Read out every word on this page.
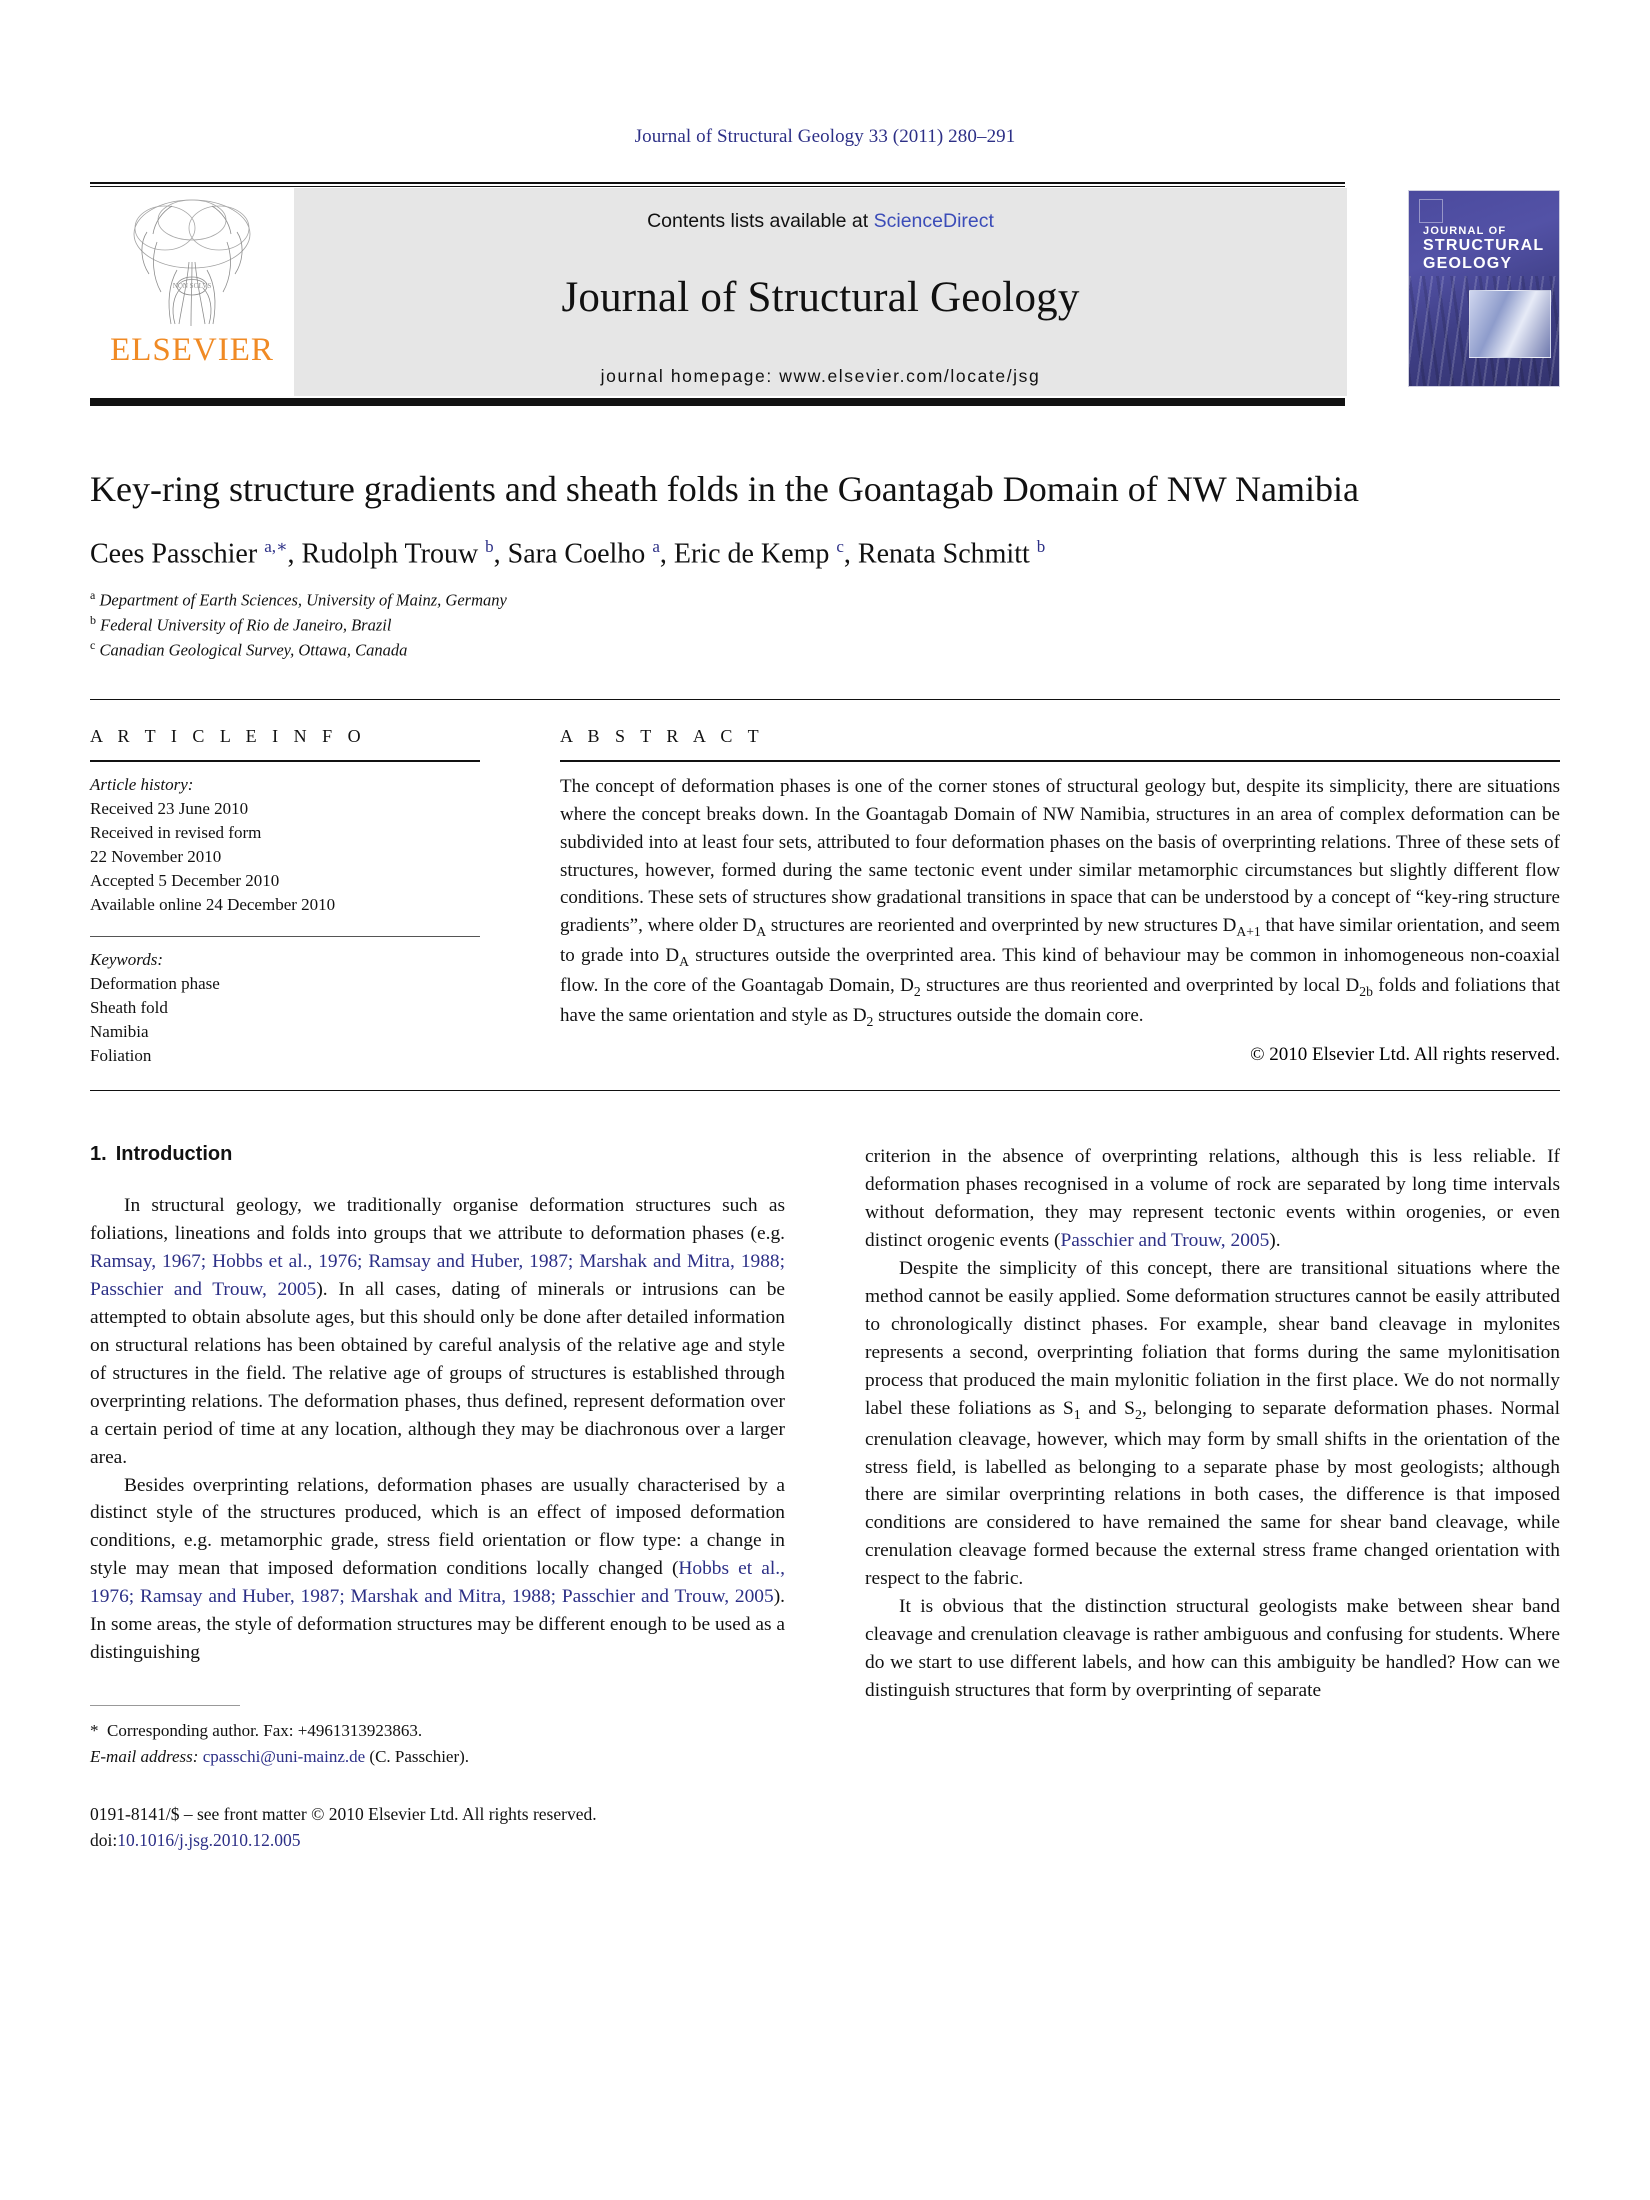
Journal of Structural Geology 33 (2011) 280–291
NON SOLVS
ELSEVIER
Contents lists available at ScienceDirect
Journal of Structural Geology
journal homepage: www.elsevier.com/locate/jsg
JOURNAL OF
STRUCTURAL
GEOLOGY
Key-ring structure gradients and sheath folds in the Goantagab Domain of NW Namibia
Cees Passchier $^{a,∗}$, Rudolph Trouw $^b$, Sara Coelho $^a$, Eric de Kemp $^c$, Renata Schmitt $^b$
$^a$ Department of Earth Sciences, University of Mainz, Germany
$^b$ Federal University of Rio de Janeiro, Brazil
$^c$ Canadian Geological Survey, Ottawa, Canada
A R T I C L E I N F O
Article history:
Received 23 June 2010
Received in revised form
22 November 2010
Accepted 5 December 2010
Available online 24 December 2010
Keywords:
Deformation phase
Sheath fold
Namibia
Foliation
A B S T R A C T
The concept of deformation phases is one of the corner stones of structural geology but, despite its simplicity, there are situations where the concept breaks down. In the Goantagab Domain of NW Namibia, structures in an area of complex deformation can be subdivided into at least four sets, attributed to four deformation phases on the basis of overprinting relations. Three of these sets of structures, however, formed during the same tectonic event under similar metamorphic circumstances but slightly different flow conditions. These sets of structures show gradational transitions in space that can be understood by a concept of “key-ring structure gradients”, where older $D_A$ structures are reoriented and overprinted by new structures $D_{A+1}$ that have similar orientation, and seem to grade into $D_A$ structures outside the overprinted area. This kind of behaviour may be common in inhomogeneous non-coaxial flow. In the core of the Goantagab Domain, $D_2$ structures are thus reoriented and overprinted by local $D_{2b}$ folds and foliations that have the same orientation and style as $D_2$ structures outside the domain core.
© 2010 Elsevier Ltd. All rights reserved.
1. Introduction

In structural geology, we traditionally organise deformation structures such as foliations, lineations and folds into groups that we attribute to deformation phases (e.g. Ramsay, 1967; Hobbs et al., 1976; Ramsay and Huber, 1987; Marshak and Mitra, 1988; Passchier and Trouw, 2005). In all cases, dating of minerals or intrusions can be attempted to obtain absolute ages, but this should only be done after detailed information on structural relations has been obtained by careful analysis of the relative age and style of structures in the field. The relative age of groups of structures is established through overprinting relations. The deformation phases, thus defined, represent deformation over a certain period of time at any location, although they may be diachronous over a larger area.

Besides overprinting relations, deformation phases are usually characterised by a distinct style of the structures produced, which is an effect of imposed deformation conditions, e.g. metamorphic grade, stress field orientation or flow type: a change in style may mean that imposed deformation conditions locally changed (Hobbs et al., 1976; Ramsay and Huber, 1987; Marshak and Mitra, 1988; Passchier and Trouw, 2005). In some areas, the style of deformation structures may be different enough to be used as a distinguishing

*  Corresponding author. Fax: +4961313923863.
E-mail address: cpasschi@uni-mainz.de (C. Passchier).
0191-8141/$ – see front matter © 2010 Elsevier Ltd. All rights reserved.
doi:10.1016/j.jsg.2010.12.005

criterion in the absence of overprinting relations, although this is less reliable. If deformation phases recognised in a volume of rock are separated by long time intervals without deformation, they may represent tectonic events within orogenies, or even distinct orogenic events (Passchier and Trouw, 2005).

Despite the simplicity of this concept, there are transitional situations where the method cannot be easily applied. Some deformation structures cannot be easily attributed to chronologically distinct phases. For example, shear band cleavage in mylonites represents a second, overprinting foliation that forms during the same mylonitisation process that produced the main mylonitic foliation in the first place. We do not normally label these foliations as $S_1$ and $S_2$, belonging to separate deformation phases. Normal crenulation cleavage, however, which may form by small shifts in the orientation of the stress field, is labelled as belonging to a separate phase by most geologists; although there are similar overprinting relations in both cases, the difference is that imposed conditions are considered to have remained the same for shear band cleavage, while crenulation cleavage formed because the external stress frame changed orientation with respect to the fabric.

It is obvious that the distinction structural geologists make between shear band cleavage and crenulation cleavage is rather ambiguous and confusing for students. Where do we start to use different labels, and how can this ambiguity be handled? How can we distinguish structures that form by overprinting of separate
